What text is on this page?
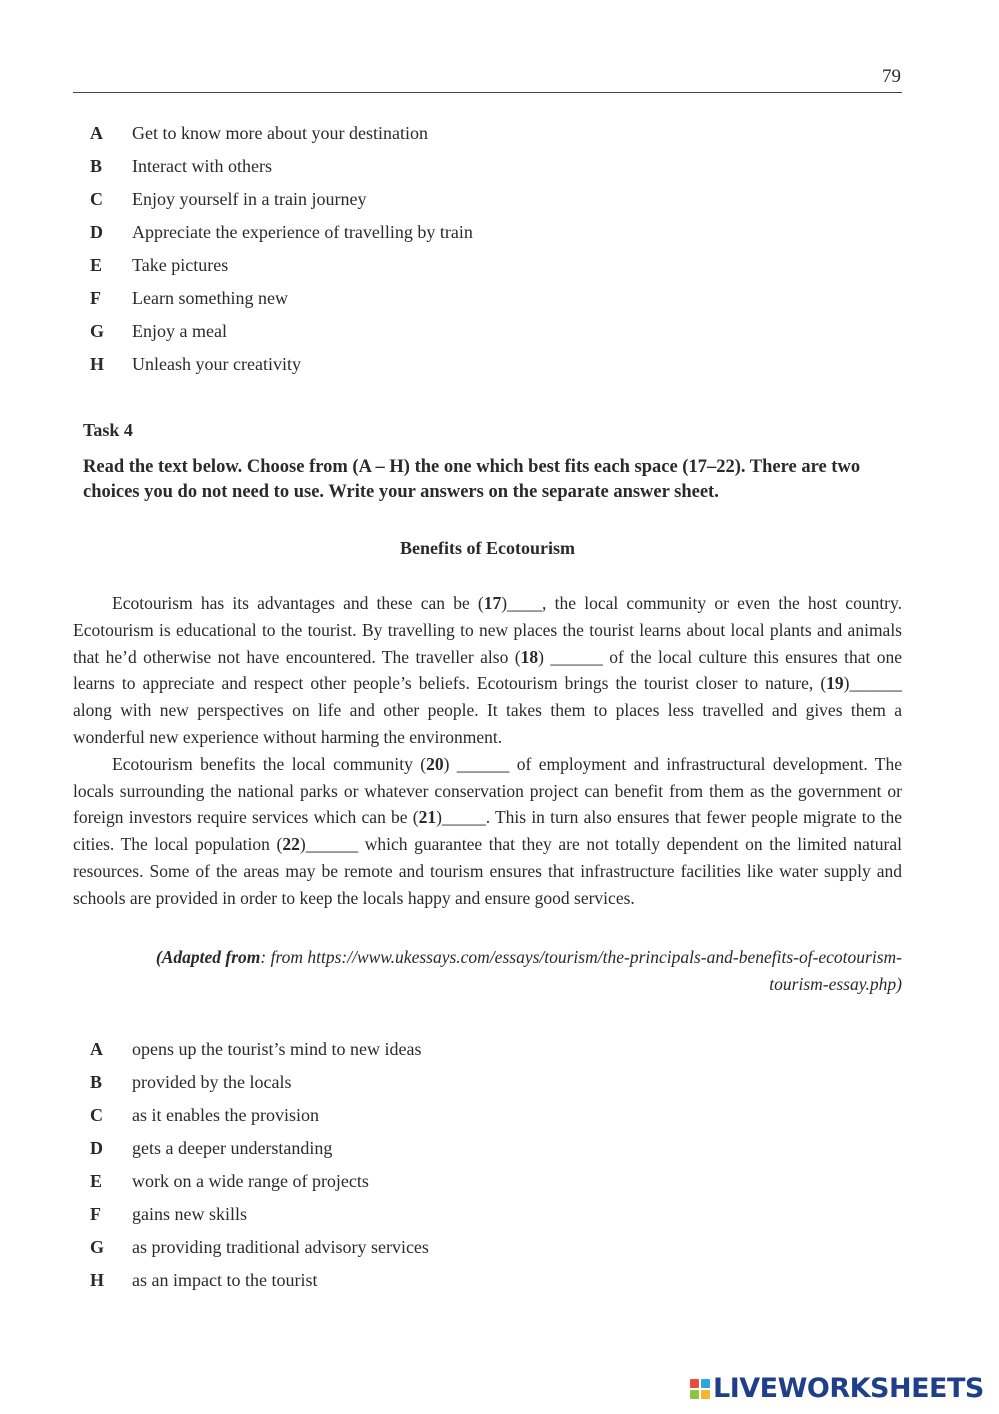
79
A	Get to know more about your destination
B	Interact with others
C	Enjoy yourself in a train journey
D	Appreciate the experience of travelling by train
E	Take pictures
F	Learn something new
G	Enjoy a meal
H	Unleash your creativity
Task 4
Read the text below. Choose from (A – H) the one which best fits each space (17–22). There are two choices you do not need to use. Write your answers on the separate answer sheet.
Benefits of Ecotourism

Ecotourism has its advantages and these can be (17)____, the local community or even the host country. Ecotourism is educational to the tourist. By travelling to new places the tourist learns about local plants and animals that he’d otherwise not have encountered. The traveller also (18) ______ of the local culture this ensures that one learns to appreciate and respect other people’s beliefs. Ecotourism brings the tourist closer to nature, (19)______ along with new perspectives on life and other people. It takes them to places less travelled and gives them a wonderful new experience without harming the environment.

Ecotourism benefits the local community (20) ______ of employment and infrastructural development. The locals surrounding the national parks or whatever conservation project can benefit from them as the government or foreign investors require services which can be (21)_____. This in turn also ensures that fewer people migrate to the cities. The local population (22)______ which guarantee that they are not totally dependent on the limited natural resources. Some of the areas may be remote and tourism ensures that infrastructure facilities like water supply and schools are provided in order to keep the locals happy and ensure good services.

(Adapted from: from https://www.ukessays.com/essays/tourism/the-principals-and-benefits-of-ecotourism-tourism-essay.php)
A	opens up the tourist’s mind to new ideas
B	provided by the locals
C	as it enables the provision
D	gets a deeper understanding
E	work on a wide range of projects
F	gains new skills
G	as providing traditional advisory services
H	as an impact to the tourist
LIVEWORKSHEETS
